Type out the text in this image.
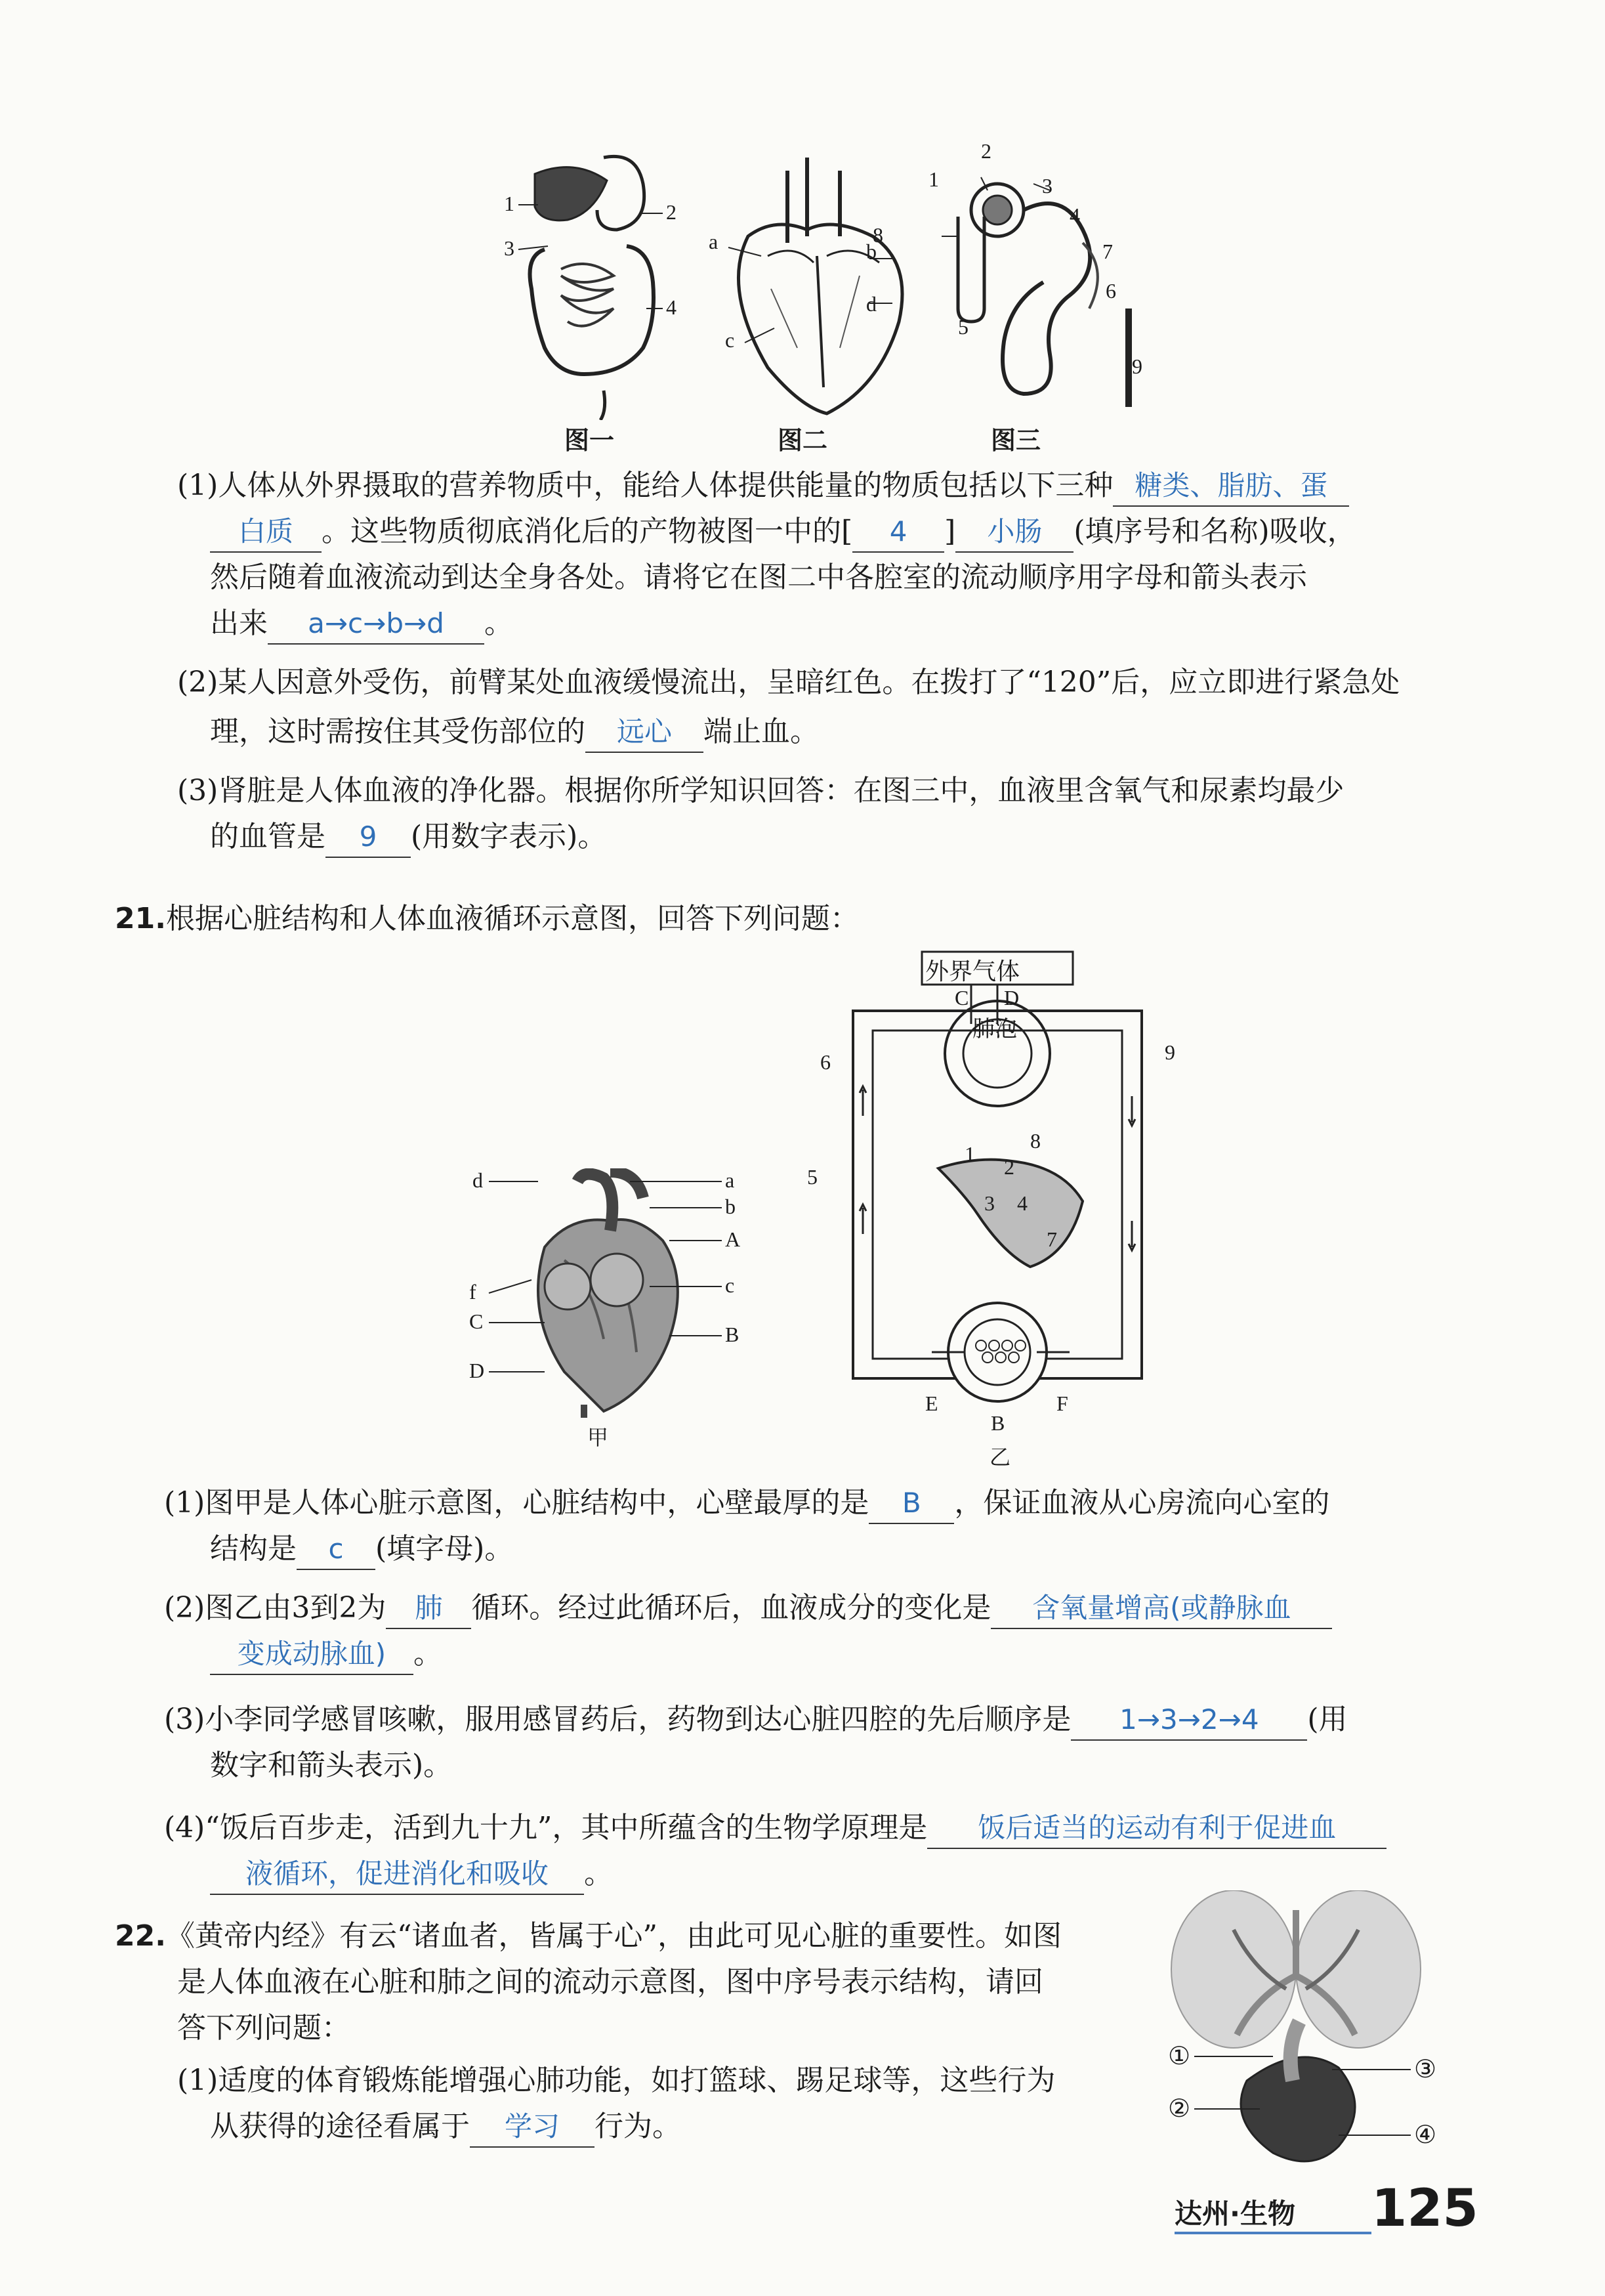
1
3
2
4
图一
a	b
c
d
图二
1
2
3
4
5
6
7
8
9
图三
(1)人体从外界摄取的营养物质中，能给人体提供能量的物质包括以下三种 糖类、脂肪、蛋
白质 。这些物质彻底消化后的产物被图一中的[ 4 ] 小肠 (填序号和名称)吸收，
然后随着血液流动到达全身各处。请将它在图二中各腔室的流动顺序用字母和箭头表示
出来 a→c→b→d 。
(2)某人因意外受伤，前臂某处血液缓慢流出，呈暗红色。在拨打了“120”后，应立即进行紧急处
理，这时需按住其受伤部位的 远心 端止血。
(3)肾脏是人体血液的净化器。根据你所学知识回答：在图三中，血液里含氧气和尿素均最少
的血管是 9 (用数字表示)。
21.根据心脏结构和人体血液循环示意图，回答下列问题：
d
f
C
D
a
b
A
c
B
甲
外界气体
C D
肺泡
6	9
8
5	2
3 4
1
7
E	F
B
乙
(1)图甲是人体心脏示意图，心脏结构中，心壁最厚的是 B ，保证血液从心房流向心室的
结构是 c (填字母)。
(2)图乙由3到2为 肺 循环。经过此循环后，血液成分的变化是 含氧量增高(或静脉血
变成动脉血) 。
(3)小李同学感冒咳嗽，服用感冒药后，药物到达心脏四腔的先后顺序是 1→3→2→4 (用
数字和箭头表示)。
(4)“饭后百步走，活到九十九”，其中所蕴含的生物学原理是 饭后适当的运动有利于促进血
液循环，促进消化和吸收 。
22.《黄帝内经》有云“诸血者，皆属于心”，由此可见心脏的重要性。如图
是人体血液在心脏和肺之间的流动示意图，图中序号表示结构，请回
答下列问题：
(1)适度的体育锻炼能增强心肺功能，如打篮球、踢足球等，这些行为
从获得的途径看属于 学习 行为。
①
②
③
④
达州·生物 125
